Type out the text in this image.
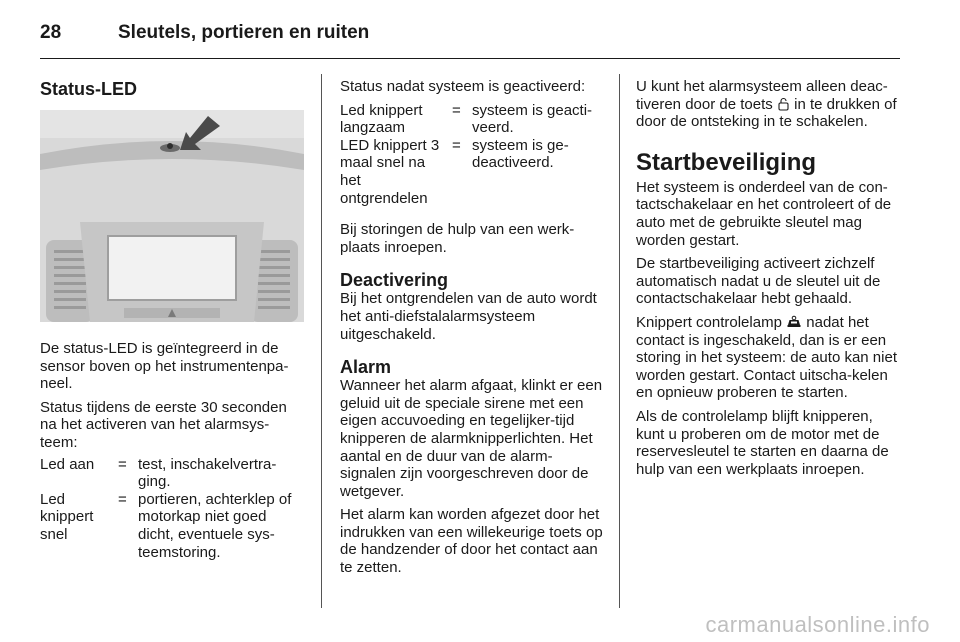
28	Sleutels, portieren en ruiten
Status-LED

De status-LED is geïntegreerd in de sensor boven op het instrumentenpa-neel.

Status tijdens de eerste 30 seconden na het activeren van het alarmsys-teem:

Led aan	= test, inschakelvertra-ging.
Led knippert snel
= portieren, achterklep of motorkap niet goed dicht, eventuele sys-teemstoring.

Status nadat systeem is geactiveerd:

Led knippert langzaam
= systeem is geacti-veerd.
LED knippert 3 maal snel na het ontgrendelen
= systeem is ge-deactiveerd.

Bij storingen de hulp van een werk-plaats inroepen.

Deactivering

Bij het ontgrendelen van de auto wordt het anti-diefstalalarmsysteem uitgeschakeld.

Alarm

Wanneer het alarm afgaat, klinkt er een geluid uit de speciale sirene met een eigen accuvoeding en tegelijker-tijd knipperen de alarmknipperlichten. Het aantal en de duur van de alarm-signalen zijn voorgeschreven door de wetgever.

Het alarm kan worden afgezet door het indrukken van een willekeurige toets op de handzender of door het contact aan te zetten.

U kunt het alarmsysteem alleen deac-tiveren door de toets in te drukken of door de ontsteking in te schakelen.

Startbeveiliging

Het systeem is onderdeel van de con-tactschakelaar en het controleert of de auto met de gebruikte sleutel mag worden gestart.

De startbeveiliging activeert zichzelf automatisch nadat u de sleutel uit de contactschakelaar hebt gehaald.

Knippert controlelamp nadat het contact is ingeschakeld, dan is er een storing in het systeem: de auto kan niet worden gestart. Contact uitscha-kelen en opnieuw proberen te starten.

Als de controlelamp blijft knipperen, kunt u proberen om de motor met de reservesleutel te starten en daarna de hulp van een werkplaats inroepen.

carmanualsonline.info
